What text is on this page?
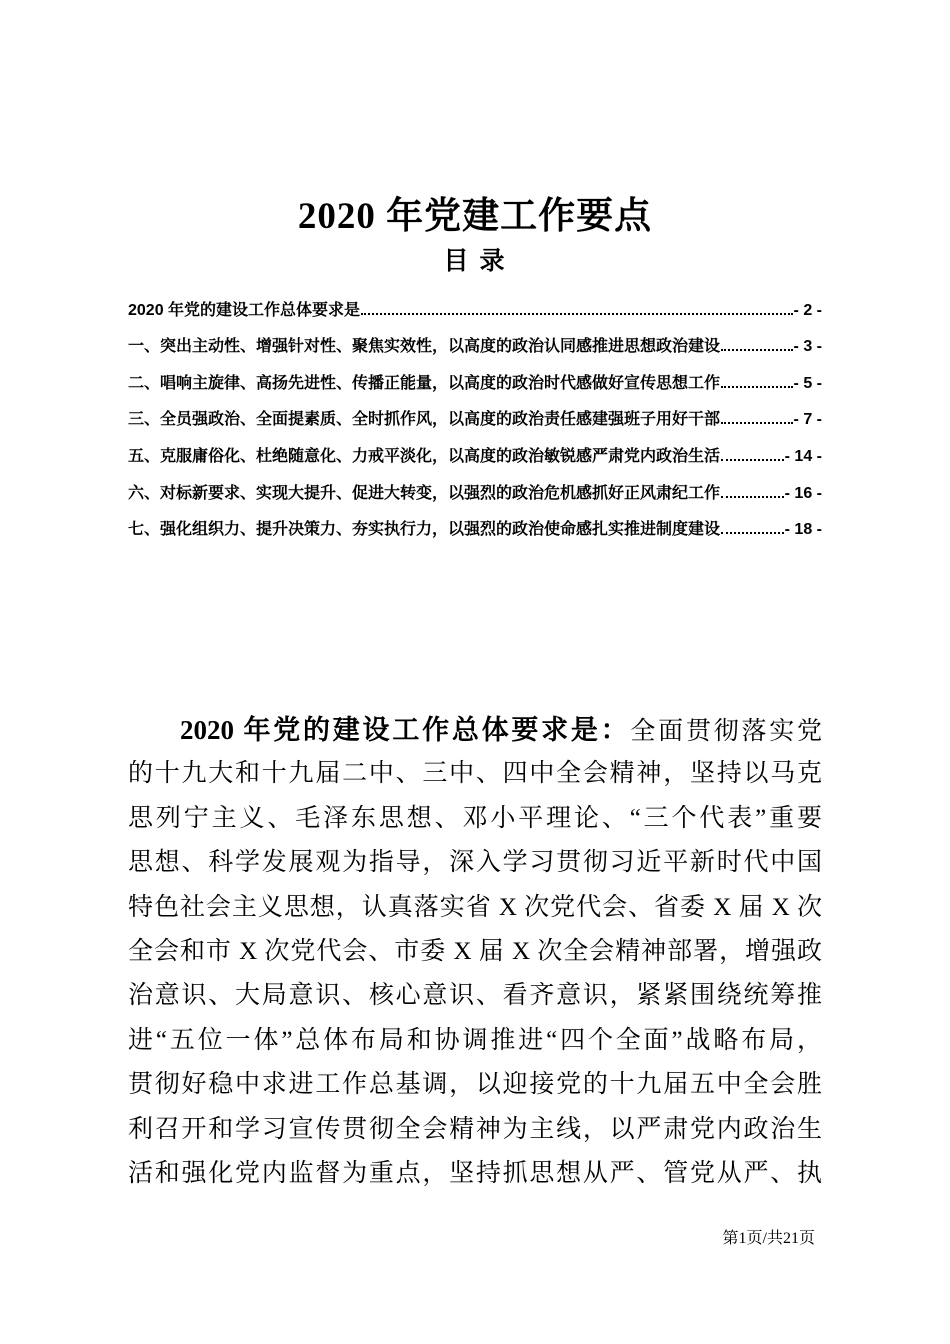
2020 年党建工作要点
目 录
2020 年党的建设工作总体要求是	- 2 -
一、突出主动性、增强针对性、聚焦实效性，以高度的政治认同感推进思想政治建设	- 3 -
二、唱响主旋律、高扬先进性、传播正能量，以高度的政治时代感做好宣传思想工作	- 5 -
三、全员强政治、全面提素质、全时抓作风，以高度的政治责任感建强班子用好干部	- 7 -
五、克服庸俗化、杜绝随意化、力戒平淡化，以高度的政治敏锐感严肃党内政治生活	- 14 -
六、对标新要求、实现大提升、促进大转变，以强烈的政治危机感抓好正风肃纪工作	- 16 -
七、强化组织力、提升决策力、夯实执行力，以强烈的政治使命感扎实推进制度建设	- 18 -
2020 年党的建设工作总体要求是：全面贯彻落实党
的十九大和十九届二中、三中、四中全会精神，坚持以马克
思列宁主义、毛泽东思想、邓小平理论、“三个代表”重要
思想、科学发展观为指导，深入学习贯彻习近平新时代中国
特色社会主义思想，认真落实省 X 次党代会、省委 X 届 X 次
全会和市 X 次党代会、市委 X 届 X 次全会精神部署，增强政
治意识、大局意识、核心意识、看齐意识，紧紧围绕统筹推
进“五位一体”总体布局和协调推进“四个全面”战略布局，
贯彻好稳中求进工作总基调，以迎接党的十九届五中全会胜
利召开和学习宣传贯彻全会精神为主线，以严肃党内政治生
活和强化党内监督为重点，坚持抓思想从严、管党从严、执
第1页/共21页
